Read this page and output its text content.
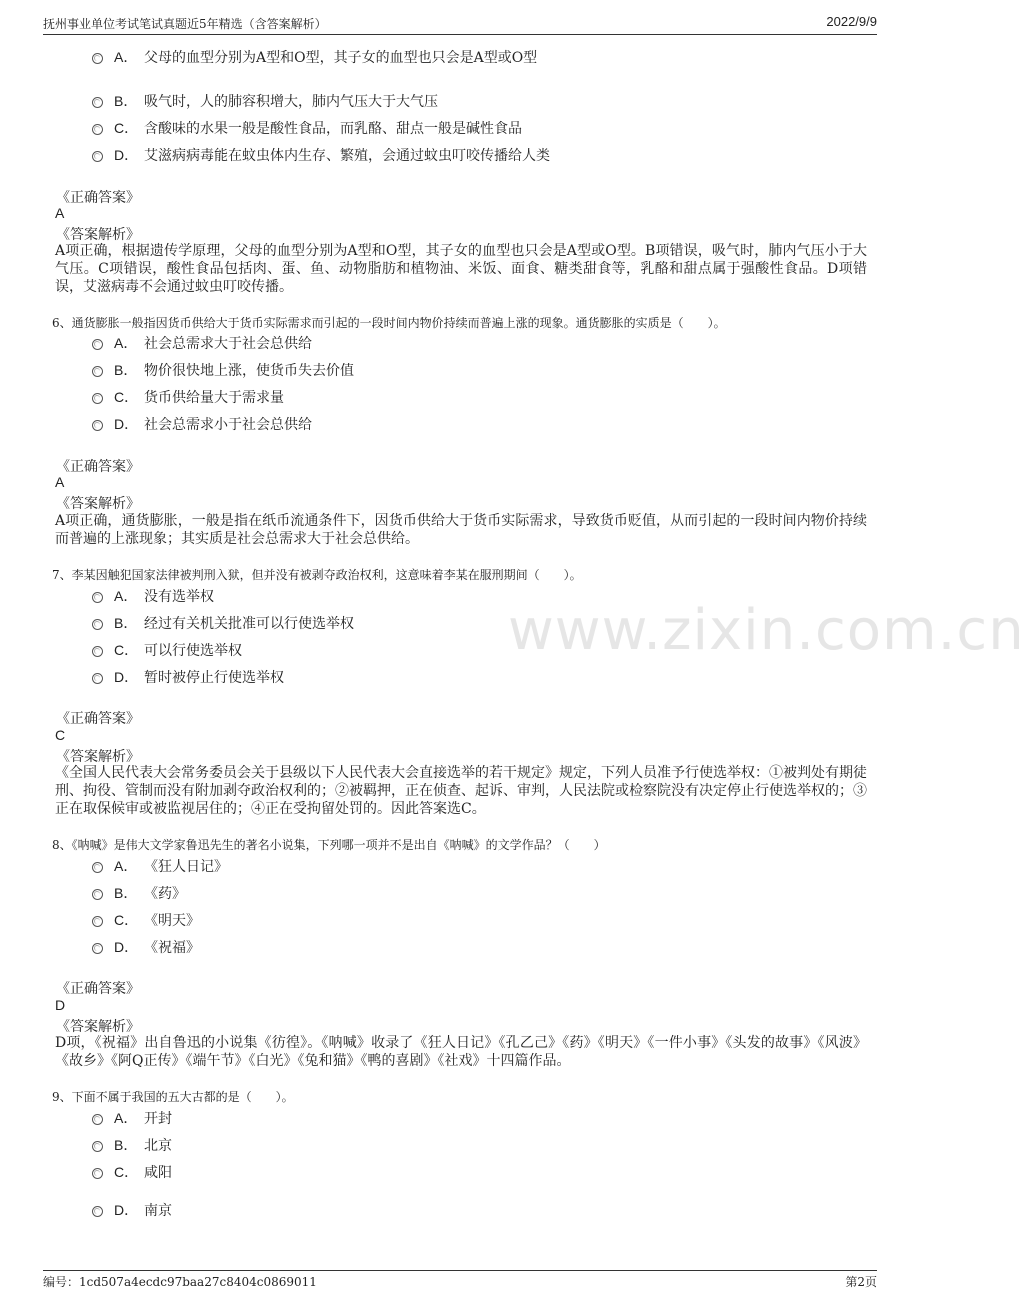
抚州事业单位考试笔试真题近5年精选（含答案解析）	2022/9/9
www.zixin.com.cn
A． 父母的血型分别为A型和O型，其子女的血型也只会是A型或O型
B． 吸气时，人的肺容积增大，肺内气压大于大气压
C． 含酸味的水果一般是酸性食品，而乳酪、甜点一般是碱性食品
D． 艾滋病病毒能在蚊虫体内生存、繁殖，会通过蚊虫叮咬传播给人类
《正确答案》
A
《答案解析》
A项正确，根据遗传学原理，父母的血型分别为A型和O型，其子女的血型也只会是A型或O型。B项错误，吸气时，肺内气压小于大气压。C项错误，酸性食品包括肉、蛋、鱼、动物脂肪和植物油、米饭、面食、糖类甜食等，乳酪和甜点属于强酸性食品。D项错误，艾滋病毒不会通过蚊虫叮咬传播。
6、通货膨胀一般指因货币供给大于货币实际需求而引起的一段时间内物价持续而普遍上涨的现象。通货膨胀的实质是（　　）。
A． 社会总需求大于社会总供给
B． 物价很快地上涨，使货币失去价值
C． 货币供给量大于需求量
D． 社会总需求小于社会总供给
《正确答案》
A
《答案解析》
A项正确，通货膨胀，一般是指在纸币流通条件下，因货币供给大于货币实际需求，导致货币贬值，从而引起的一段时间内物价持续而普遍的上涨现象；其实质是社会总需求大于社会总供给。
7、李某因触犯国家法律被判刑入狱，但并没有被剥夺政治权利，这意味着李某在服刑期间（　　）。
A． 没有选举权
B． 经过有关机关批准可以行使选举权
C． 可以行使选举权
D． 暂时被停止行使选举权
《正确答案》
C
《答案解析》
《全国人民代表大会常务委员会关于县级以下人民代表大会直接选举的若干规定》规定，下列人员准予行使选举权：①被判处有期徒刑、拘役、管制而没有附加剥夺政治权利的；②被羁押，正在侦查、起诉、审判，人民法院或检察院没有决定停止行使选举权的；③正在取保候审或被监视居住的；④正在受拘留处罚的。因此答案选C。
8、《呐喊》是伟大文学家鲁迅先生的著名小说集，下列哪一项并不是出自《呐喊》的文学作品？（　　）
A． 《狂人日记》
B． 《药》
C． 《明天》
D． 《祝福》
《正确答案》
D
《答案解析》
D项，《祝福》出自鲁迅的小说集《彷徨》。《呐喊》收录了《狂人日记》《孔乙己》《药》《明天》《一件小事》《头发的故事》《风波》《故乡》《阿Q正传》《端午节》《白光》《兔和猫》《鸭的喜剧》《社戏》十四篇作品。
9、下面不属于我国的五大古都的是（　　）。
A． 开封
B． 北京
C． 咸阳
D． 南京
编号：1cd507a4ecdc97baa27c8404c0869011	第2页
